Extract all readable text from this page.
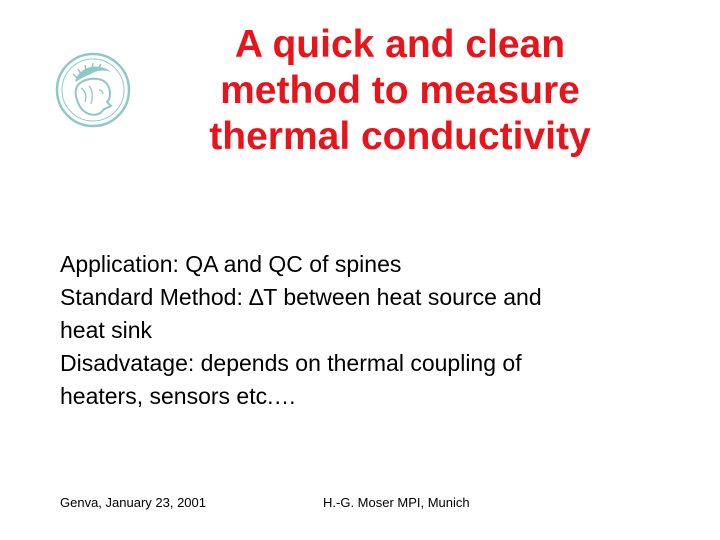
A quick and clean
method to measure
thermal conductivity
Application: QA and QC of spines
Standard Method: ∆T between heat source and
heat sink
Disadvatage: depends on thermal coupling of
heaters, sensors etc.…
Genva, January 23, 2001	H.-G. Moser MPI, Munich
